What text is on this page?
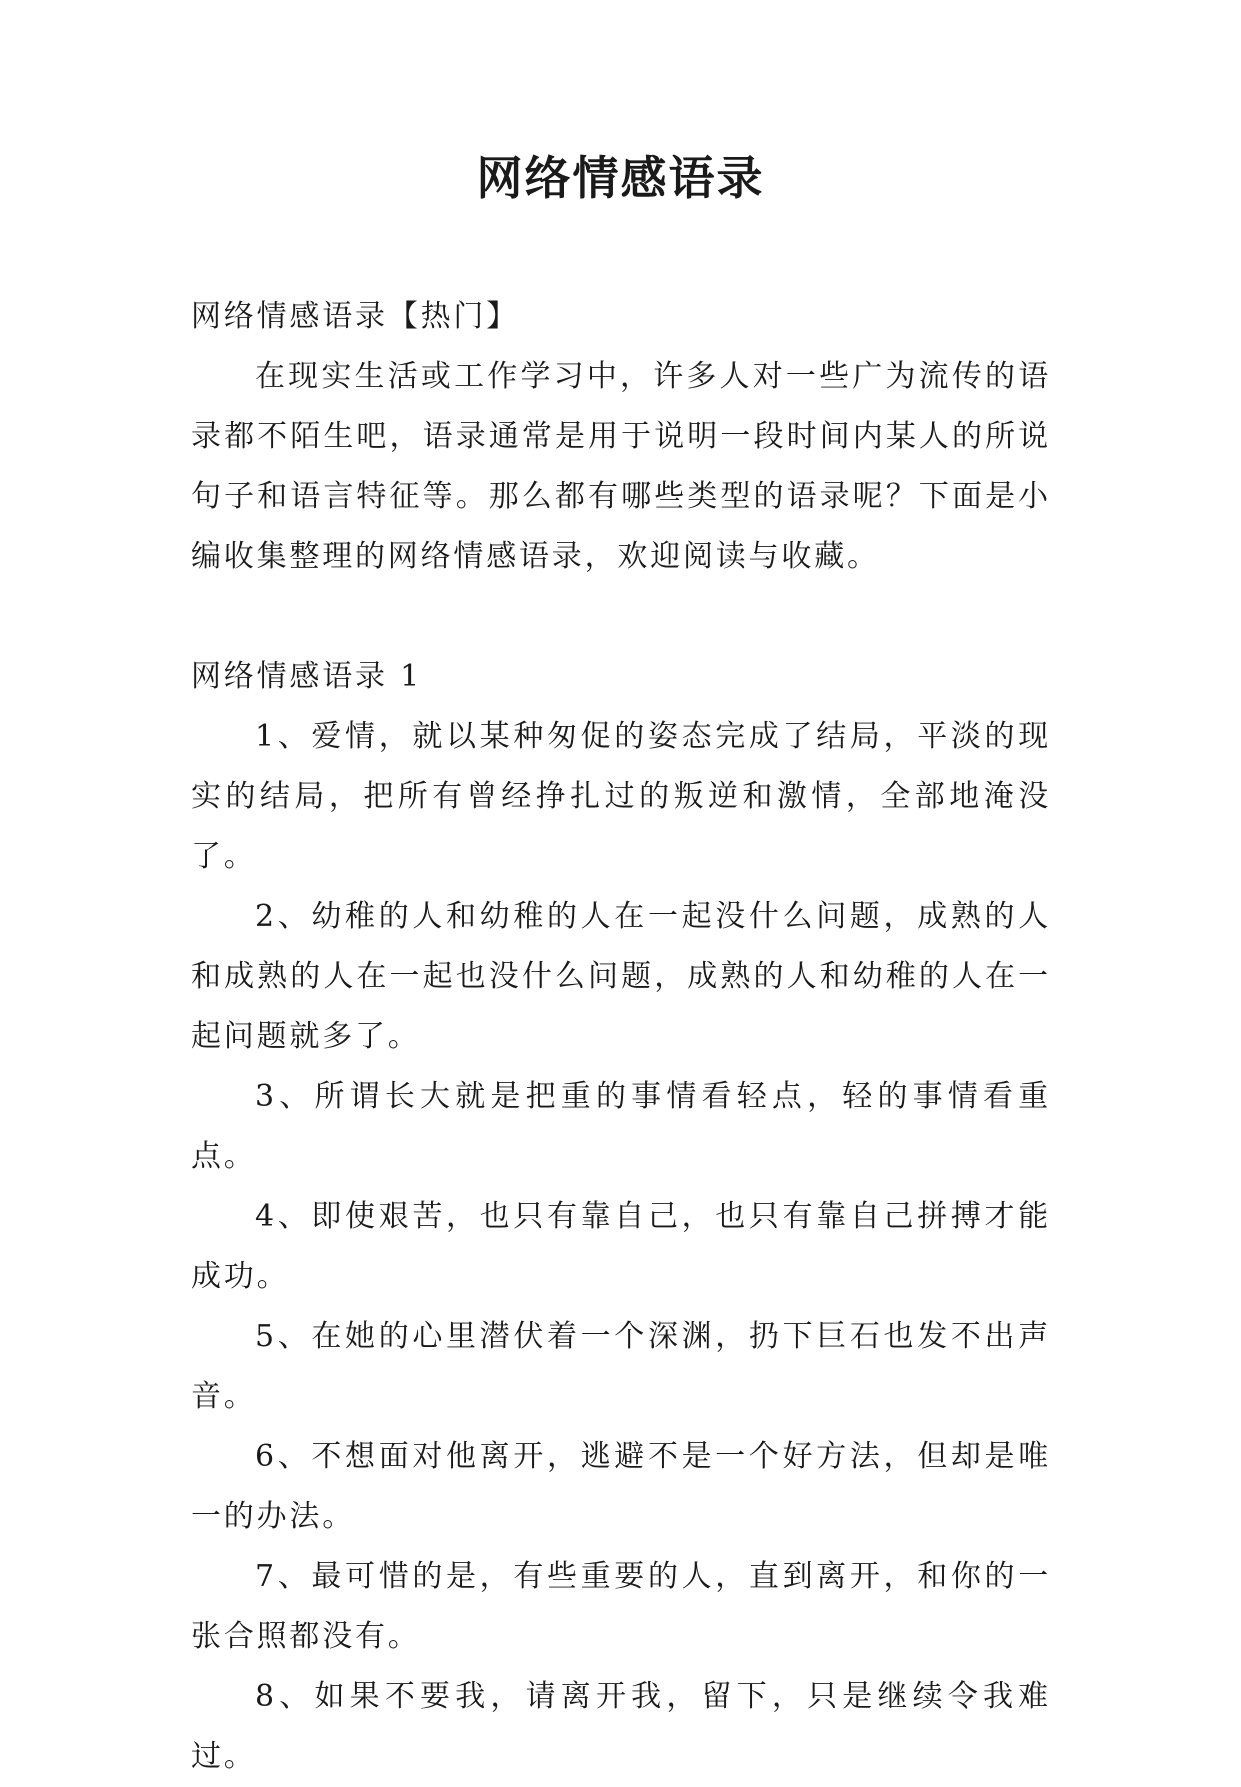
网络情感语录

网络情感语录【热门】

在现实生活或工作学习中，许多人对一些广为流传的语录都不陌生吧，语录通常是用于说明一段时间内某人的所说句子和语言特征等。那么都有哪些类型的语录呢？下面是小编收集整理的网络情感语录，欢迎阅读与收藏。

网络情感语录 1

1、爱情，就以某种匆促的姿态完成了结局，平淡的现实的结局，把所有曾经挣扎过的叛逆和激情，全部地淹没了。

2、幼稚的人和幼稚的人在一起没什么问题，成熟的人和成熟的人在一起也没什么问题，成熟的人和幼稚的人在一起问题就多了。

3、所谓长大就是把重的事情看轻点，轻的事情看重点。

4、即使艰苦，也只有靠自己，也只有靠自己拼搏才能成功。

5、在她的心里潜伏着一个深渊，扔下巨石也发不出声音。

6、不想面对他离开，逃避不是一个好方法，但却是唯一的办法。

7、最可惜的是，有些重要的人，直到离开，和你的一张合照都没有。

8、如果不要我，请离开我，留下，只是继续令我难过。
